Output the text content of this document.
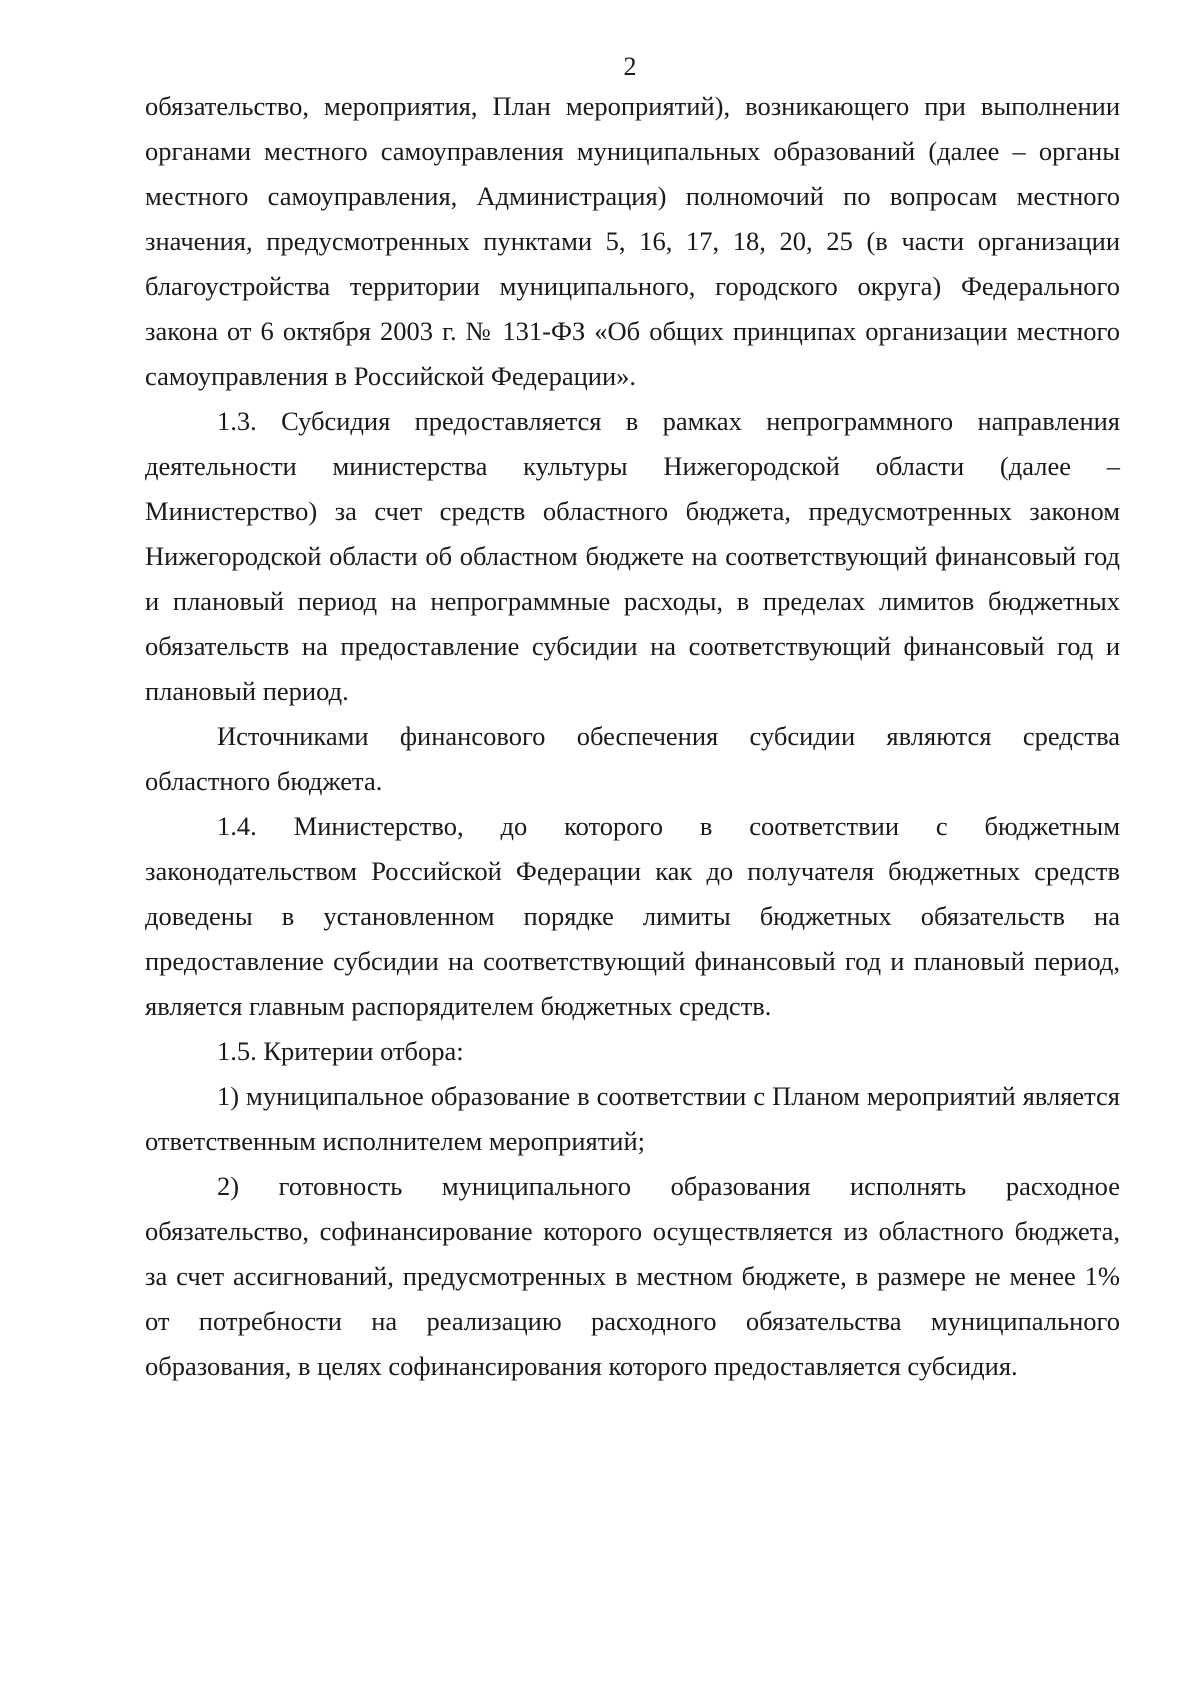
2

обязательство, мероприятия, План мероприятий), возникающего при выполнении органами местного самоуправления муниципальных образований (далее – органы местного самоуправления, Администрация) полномочий по вопросам местного значения, предусмотренных пунктами 5, 16, 17, 18, 20, 25 (в части организации благоустройства территории муниципального, городского округа) Федерального закона от 6 октября 2003 г. № 131-ФЗ «Об общих принципах организации местного самоуправления в Российской Федерации».

1.3. Субсидия предоставляется в рамках непрограммного направления деятельности министерства культуры Нижегородской области (далее – Министерство) за счет средств областного бюджета, предусмотренных законом Нижегородской области об областном бюджете на соответствующий финансовый год и плановый период на непрограммные расходы, в пределах лимитов бюджетных обязательств на предоставление субсидии на соответствующий финансовый год и плановый период.

Источниками финансового обеспечения субсидии являются средства областного бюджета.

1.4. Министерство, до которого в соответствии с бюджетным законодательством Российской Федерации как до получателя бюджетных средств доведены в установленном порядке лимиты бюджетных обязательств на предоставление субсидии на соответствующий финансовый год и плановый период, является главным распорядителем бюджетных средств.

1.5. Критерии отбора:

1) муниципальное образование в соответствии с Планом мероприятий является ответственным исполнителем мероприятий;

2) готовность муниципального образования исполнять расходное обязательство, софинансирование которого осуществляется из областного бюджета, за счет ассигнований, предусмотренных в местном бюджете, в размере не менее 1% от потребности на реализацию расходного обязательства муниципального образования, в целях софинансирования которого предоставляется субсидия.
